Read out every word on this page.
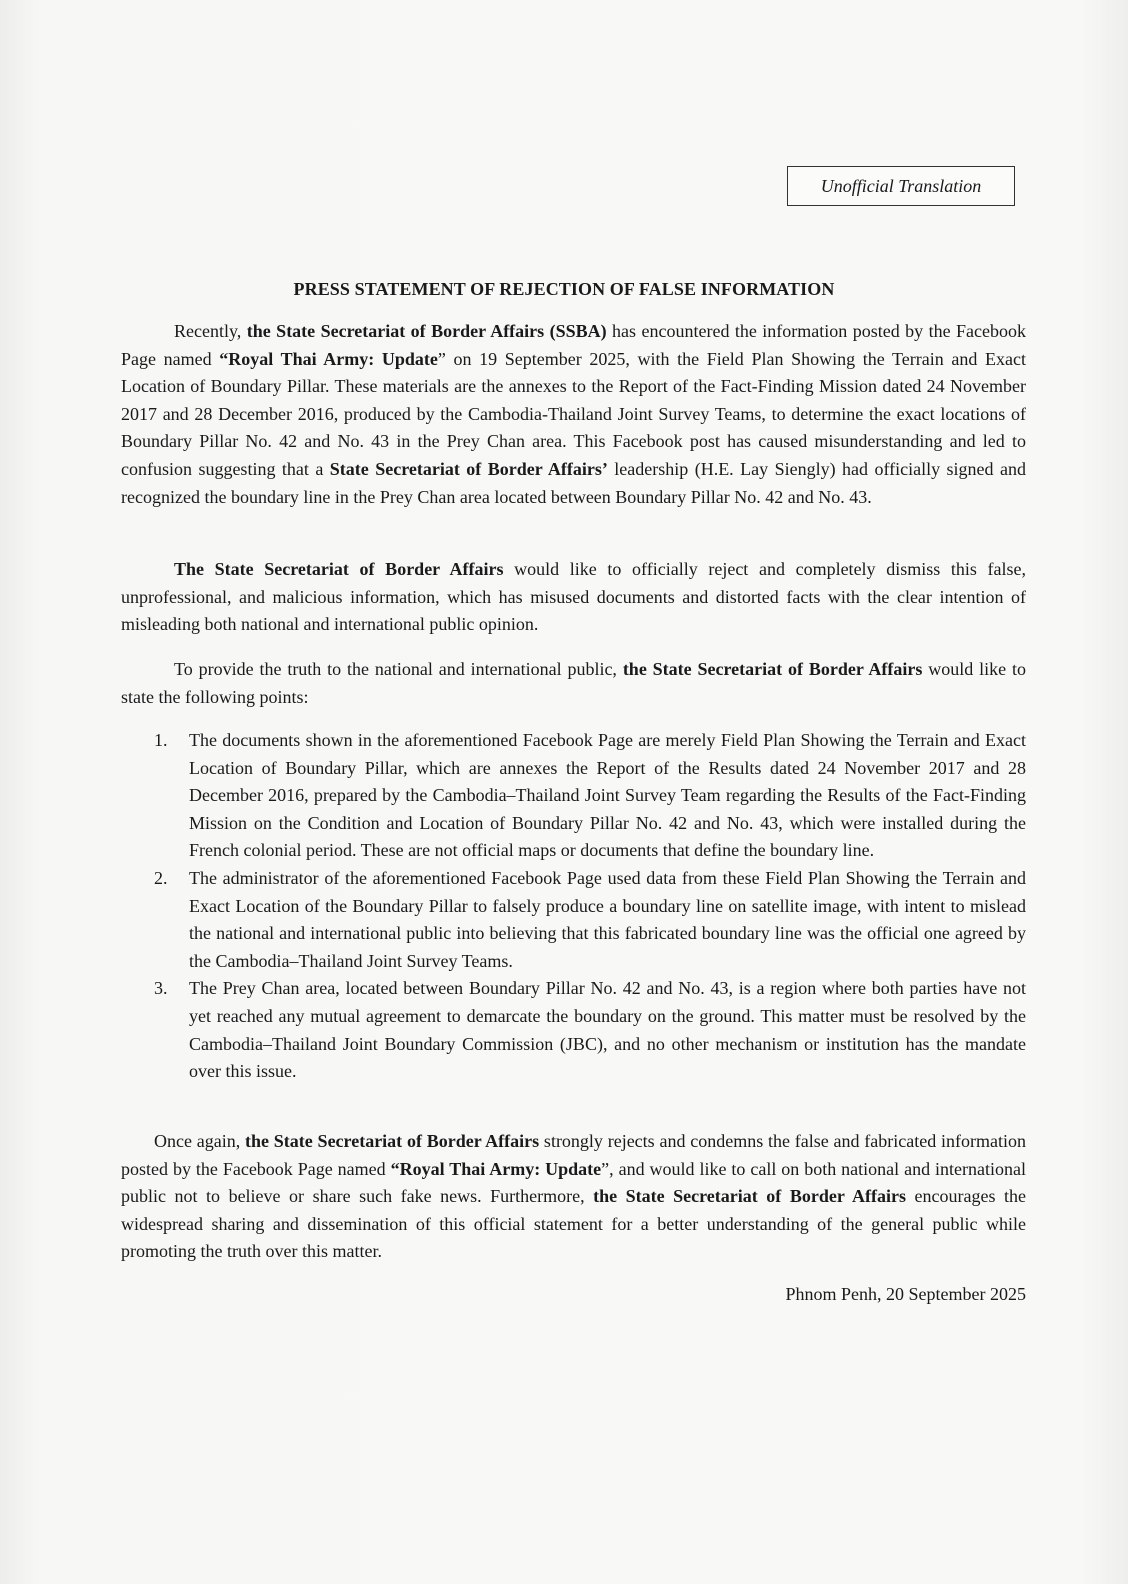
Unofficial Translation
PRESS STATEMENT OF REJECTION OF FALSE INFORMATION

Recently, the State Secretariat of Border Affairs (SSBA) has encountered the information posted by the Facebook Page named “Royal Thai Army: Update” on 19 September 2025, with the Field Plan Showing the Terrain and Exact Location of Boundary Pillar. These materials are the annexes to the Report of the Fact-Finding Mission dated 24 November 2017 and 28 December 2016, produced by the Cambodia-Thailand Joint Survey Teams, to determine the exact locations of Boundary Pillar No. 42 and No. 43 in the Prey Chan area. This Facebook post has caused misunderstanding and led to confusion suggesting that a State Secretariat of Border Affairs’ leadership (H.E. Lay Siengly) had officially signed and recognized the boundary line in the Prey Chan area located between Boundary Pillar No. 42 and No. 43.

The State Secretariat of Border Affairs would like to officially reject and completely dismiss this false, unprofessional, and malicious information, which has misused documents and distorted facts with the clear intention of misleading both national and international public opinion.

To provide the truth to the national and international public, the State Secretariat of Border Affairs would like to state the following points:

1. The documents shown in the aforementioned Facebook Page are merely Field Plan Showing the Terrain and Exact Location of Boundary Pillar, which are annexes the Report of the Results dated 24 November 2017 and 28 December 2016, prepared by the Cambodia–Thailand Joint Survey Team regarding the Results of the Fact-Finding Mission on the Condition and Location of Boundary Pillar No. 42 and No. 43, which were installed during the French colonial period. These are not official maps or documents that define the boundary line.
2. The administrator of the aforementioned Facebook Page used data from these Field Plan Showing the Terrain and Exact Location of the Boundary Pillar to falsely produce a boundary line on satellite image, with intent to mislead the national and international public into believing that this fabricated boundary line was the official one agreed by the Cambodia–Thailand Joint Survey Teams.
3. The Prey Chan area, located between Boundary Pillar No. 42 and No. 43, is a region where both parties have not yet reached any mutual agreement to demarcate the boundary on the ground. This matter must be resolved by the Cambodia–Thailand Joint Boundary Commission (JBC), and no other mechanism or institution has the mandate over this issue.

Once again, the State Secretariat of Border Affairs strongly rejects and condemns the false and fabricated information posted by the Facebook Page named “Royal Thai Army: Update”, and would like to call on both national and international public not to believe or share such fake news. Furthermore, the State Secretariat of Border Affairs encourages the widespread sharing and dissemination of this official statement for a better understanding of the general public while promoting the truth over this matter.

Phnom Penh, 20 September 2025
